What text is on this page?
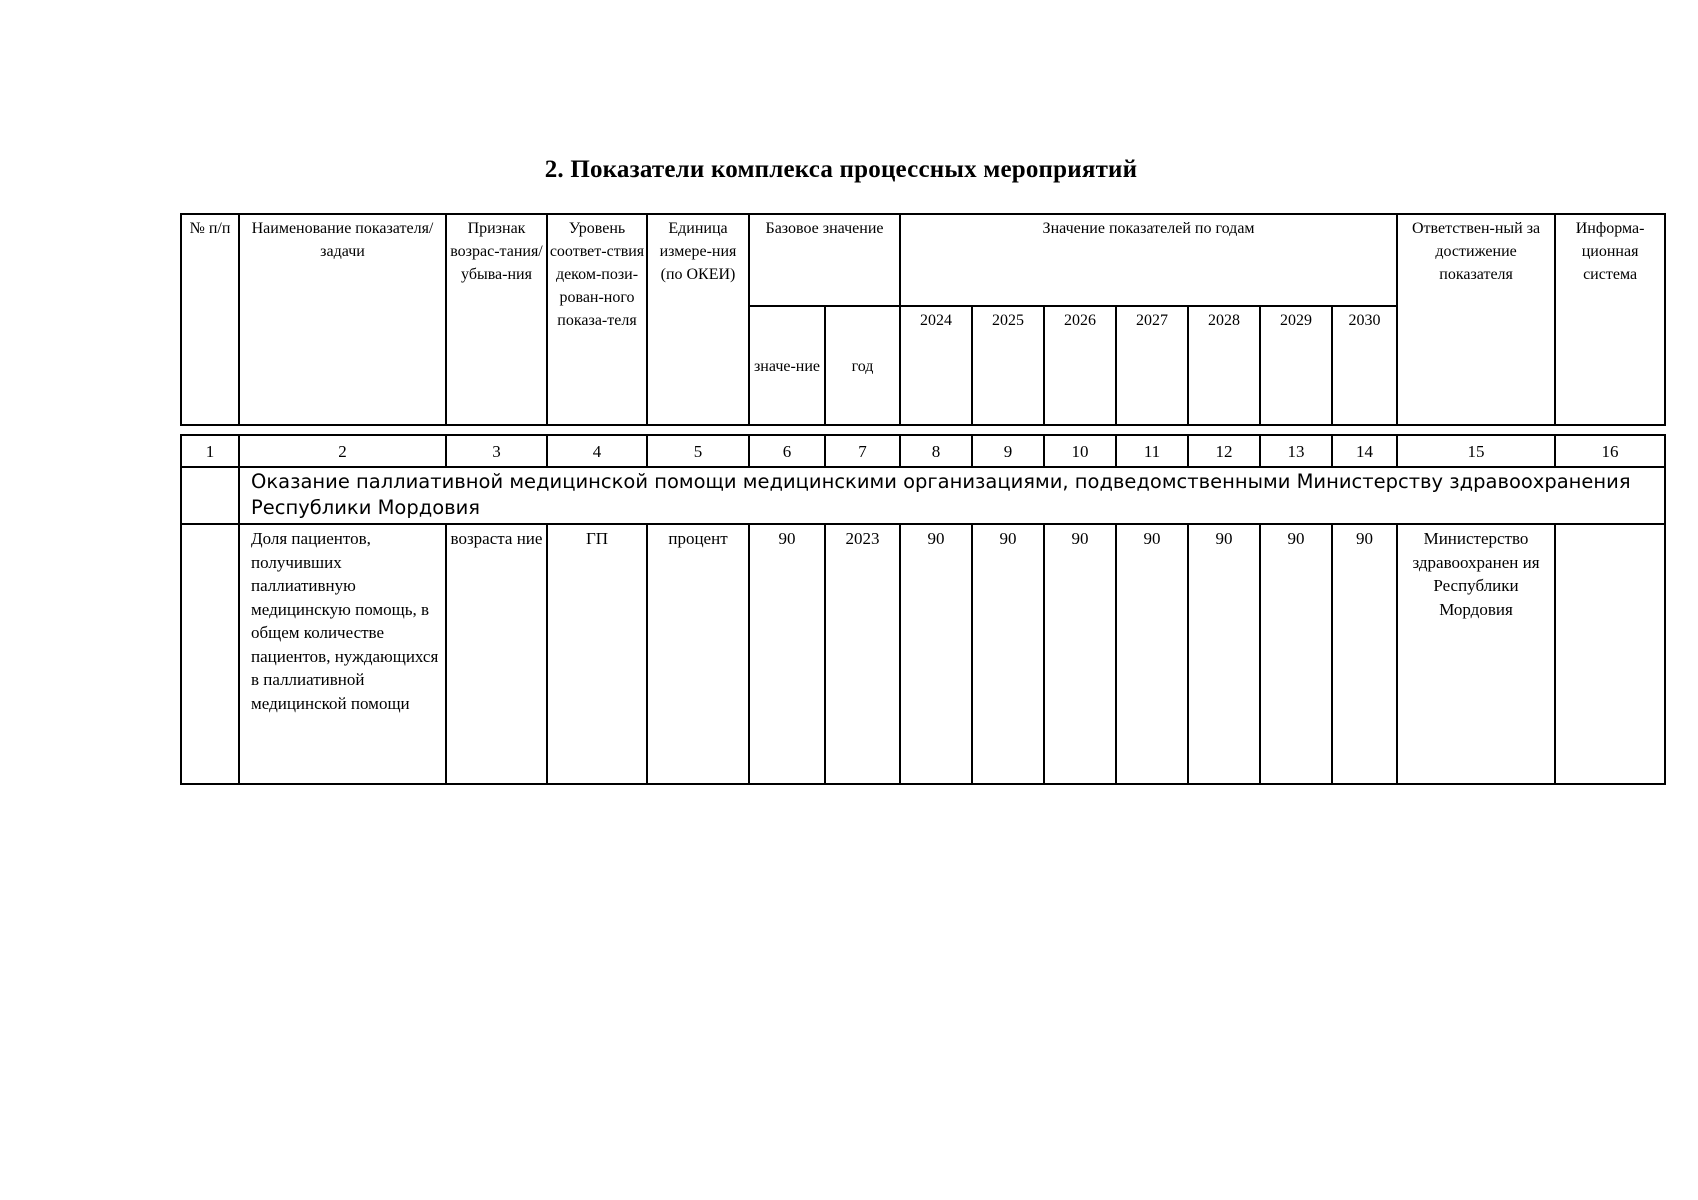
2. Показатели комплекса процессных мероприятий
№ п/п	Наименование показателя/задачи	Признак возрас-тания/ убыва-ния	Уровень соответ-ствия деком-пози-рован-ного показа-теля	Единица измере-ния (по ОКЕИ)	Базовое значение		Значение показателей по годам							Ответствен-ный за достижение показателя	Информа-ционная система
					значе-ние	год	2024	2025	2026	2027	2028	2029	2030		
1	2	3	4	5	6	7	8	9	10	11	12	13	14	15	16
	Оказание паллиативной медицинской помощи медицинскими организациями, подведомственными Министерству здравоохранения Республики Мордовия														
	Доля пациентов, получивших паллиативную медицинскую помощь, в общем количестве пациентов, нуждающихся в паллиативной медицинской помощи	возраста ние	ГП	процент	90	2023	90	90	90	90	90	90	90	Министерство здравоохранен ия Республики Мордовия	
